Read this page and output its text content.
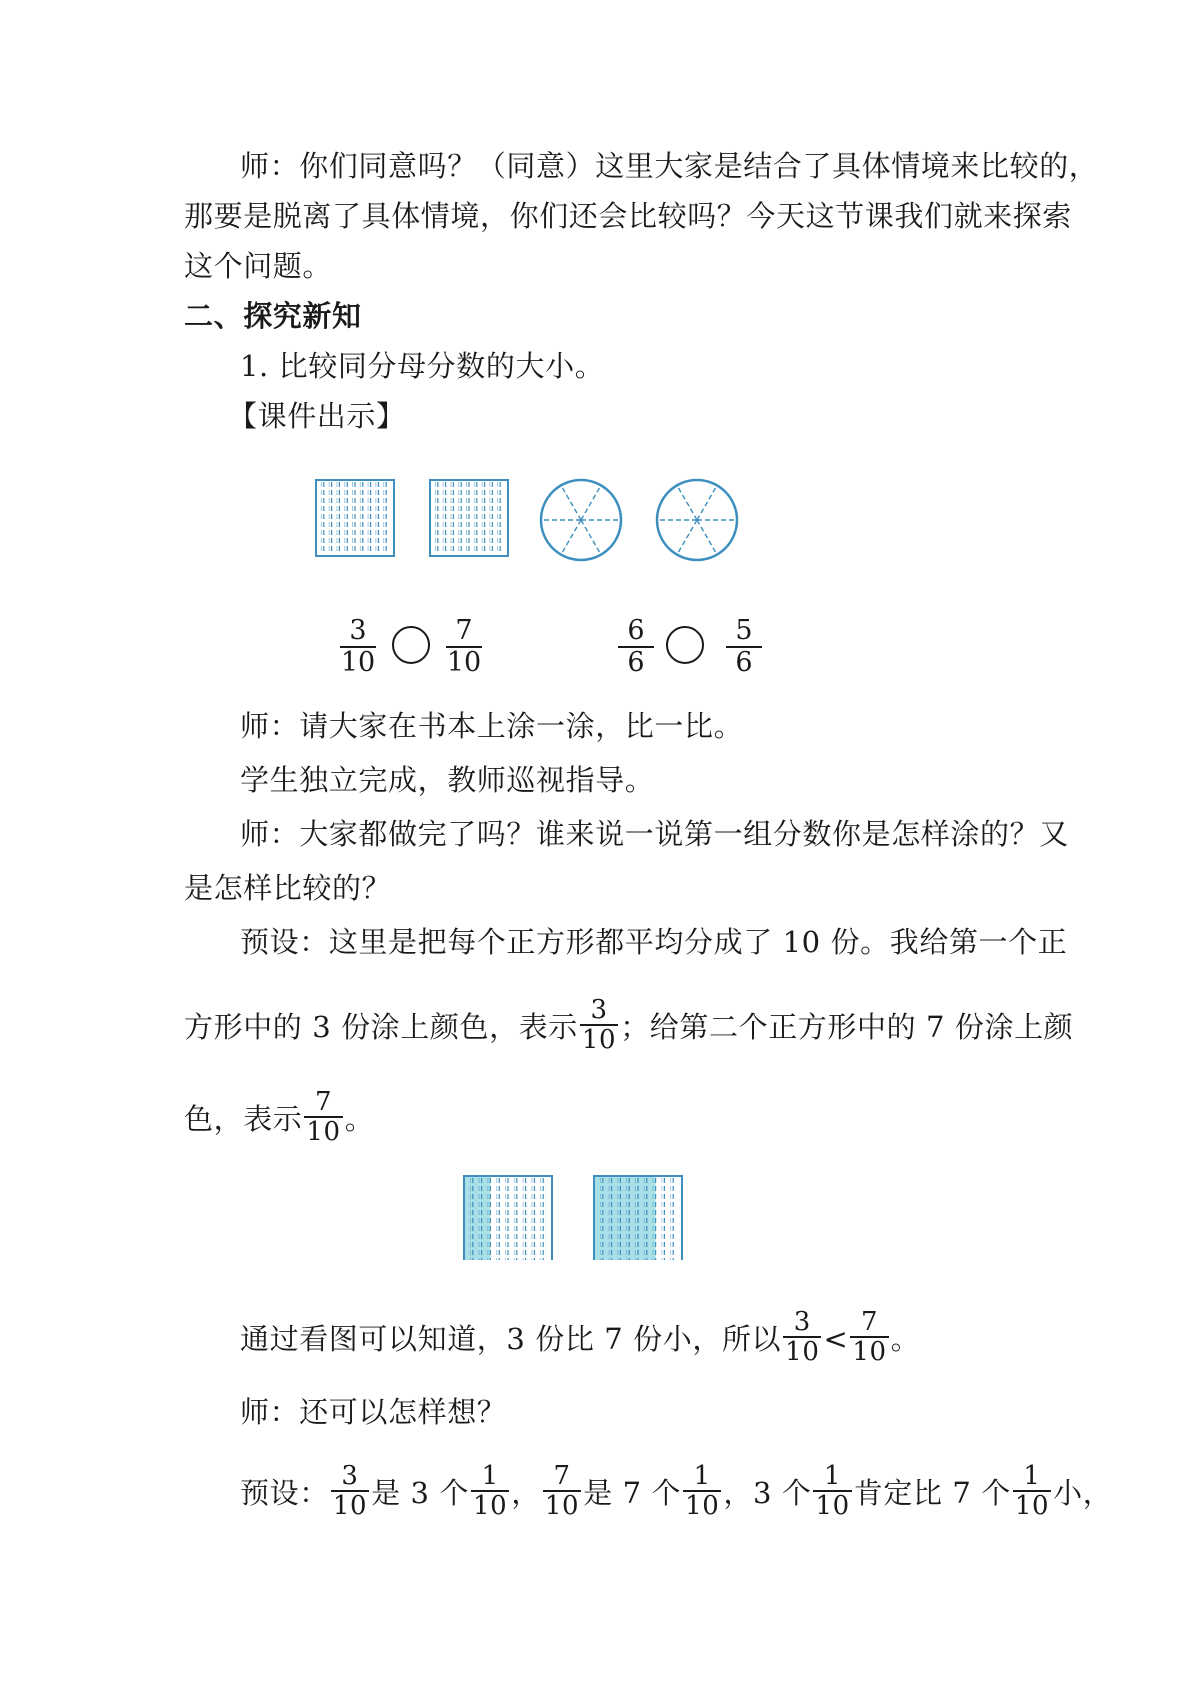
师：你们同意吗？（同意）这里大家是结合了具体情境来比较的，
那要是脱离了具体情境，你们还会比较吗？今天这节课我们就来探索
这个问题。
二、探究新知
1. 比较同分母分数的大小。
【课件出示】
$\frac{3}{10}$	$\frac{7}{10}$	$\frac{6}{6}$	$\frac{5}{6}$
师：请大家在书本上涂一涂，比一比。
学生独立完成，教师巡视指导。
师：大家都做完了吗？谁来说一说第一组分数你是怎样涂的？又
是怎样比较的？
预设：这里是把每个正方形都平均分成了 10 份。我给第一个正
方形中的 3 份涂上颜色，表示 $\frac{3}{10}$ ；给第二个正方形中的 7 份涂上颜
色，表示 $\frac{7}{10}$ 。
通过看图可以知道，3 份比 7 份小，所以 $\frac{3}{10} < \frac{7}{10}$ 。
师：还可以怎样想？
预设： $\frac{3}{10}$ 是 3 个 $\frac{1}{10}$ ， $\frac{7}{10}$ 是 7 个 $\frac{1}{10}$ ，3 个 $\frac{1}{10}$ 肯定比 7 个 $\frac{1}{10}$ 小，
